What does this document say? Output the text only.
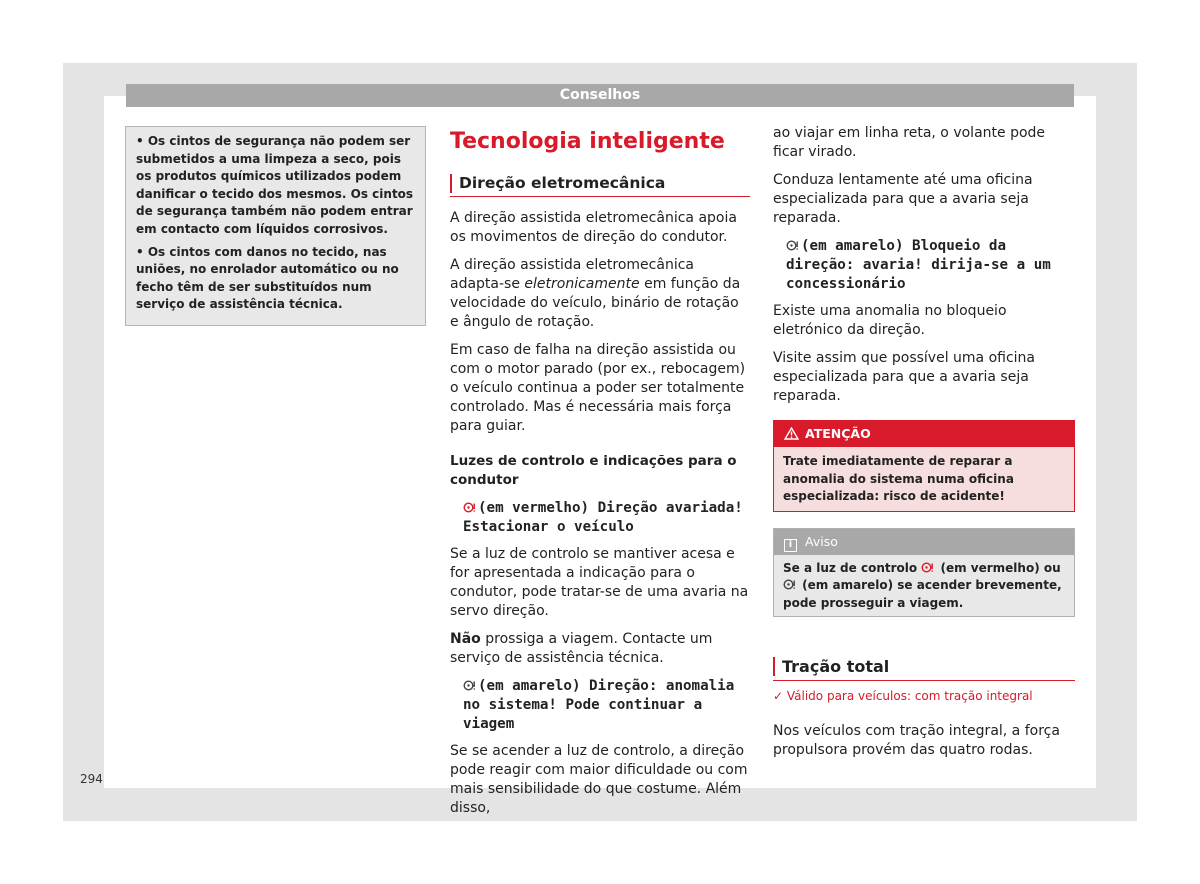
Conselhos

• Os cintos de segurança não podem ser submetidos a uma limpeza a seco, pois os produtos químicos utilizados podem danificar o tecido dos mesmos. Os cintos de segurança também não podem entrar em contacto com líquidos corrosivos.

• Os cintos com danos no tecido, nas uniões, no enrolador automático ou no fecho têm de ser substituídos num serviço de assistência técnica.

Tecnologia inteligente
Direção eletromecânica
A direção assistida eletromecânica apoia os movimentos de direção do condutor.
A direção assistida eletromecânica adapta-se eletronicamente em função da velocidade do veículo, binário de rotação e ângulo de rotação.
Em caso de falha na direção assistida ou com o motor parado (por ex., rebocagem) o veículo continua a poder ser totalmente controlado. Mas é necessária mais força para guiar.
Luzes de controlo e indicações para o condutor
(em vermelho) Direção avariada! Estacionar o veículo
Se a luz de controlo se mantiver acesa e for apresentada a indicação para o condutor, pode tratar-se de uma avaria na servo direção.
Não prossiga a viagem. Contacte um serviço de assistência técnica.
(em amarelo) Direção: anomalia no sistema! Pode continuar a viagem
Se se acender a luz de controlo, a direção pode reagir com maior dificuldade ou com mais sensibilidade do que costume. Além disso,
ao viajar em linha reta, o volante pode ficar virado.
Conduza lentamente até uma oficina especializada para que a avaria seja reparada.
(em amarelo) Bloqueio da direção: avaria! dirija-se a um concessionário
Existe uma anomalia no bloqueio eletrónico da direção.
Visite assim que possível uma oficina especializada para que a avaria seja reparada.
ATENÇÃO
Trate imediatamente de reparar a anomalia do sistema numa oficina especializada: risco de acidente!
i Aviso
Se a luz de controlo  (em vermelho) ou  (em amarelo) se acender brevemente, pode prosseguir a viagem.
Tração total
✓ Válido para veículos: com tração integral
Nos veículos com tração integral, a força propulsora provém das quatro rodas.
294
